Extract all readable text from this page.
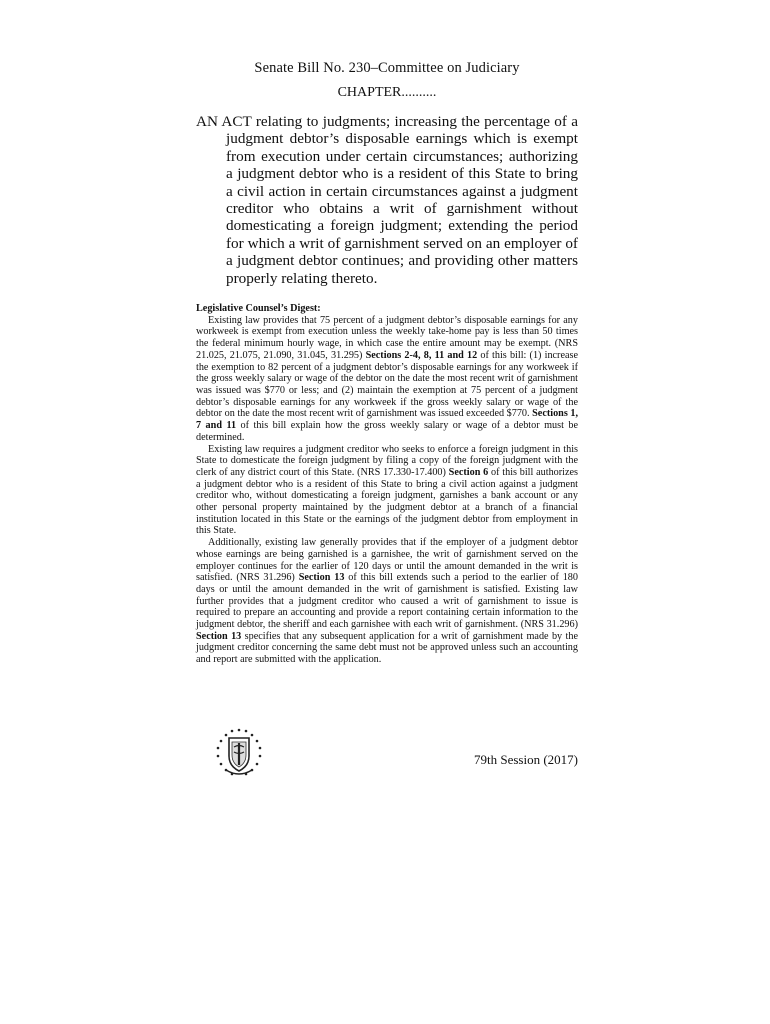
Senate Bill No. 230–Committee on Judiciary
CHAPTER..........

AN ACT relating to judgments; increasing the percentage of a judgment debtor’s disposable earnings which is exempt from execution under certain circumstances; authorizing a judgment debtor who is a resident of this State to bring a civil action in certain circumstances against a judgment creditor who obtains a writ of garnishment without domesticating a foreign judgment; extending the period for which a writ of garnishment served on an employer of a judgment debtor continues; and providing other matters properly relating thereto.

Legislative Counsel’s Digest:

Existing law provides that 75 percent of a judgment debtor’s disposable earnings for any workweek is exempt from execution unless the weekly take-home pay is less than 50 times the federal minimum hourly wage, in which case the entire amount may be exempt. (NRS 21.025, 21.075, 21.090, 31.045, 31.295) Sections 2-4, 8, 11 and 12 of this bill: (1) increase the exemption to 82 percent of a judgment debtor’s disposable earnings for any workweek if the gross weekly salary or wage of the debtor on the date the most recent writ of garnishment was issued was $770 or less; and (2) maintain the exemption at 75 percent of a judgment debtor’s disposable earnings for any workweek if the gross weekly salary or wage of the debtor on the date the most recent writ of garnishment was issued exceeded $770. Sections 1, 7 and 11 of this bill explain how the gross weekly salary or wage of a debtor must be determined.

Existing law requires a judgment creditor who seeks to enforce a foreign judgment in this State to domesticate the foreign judgment by filing a copy of the foreign judgment with the clerk of any district court of this State. (NRS 17.330-17.400) Section 6 of this bill authorizes a judgment debtor who is a resident of this State to bring a civil action against a judgment creditor who, without domesticating a foreign judgment, garnishes a bank account or any other personal property maintained by the judgment debtor at a branch of a financial institution located in this State or the earnings of the judgment debtor from employment in this State.

Additionally, existing law generally provides that if the employer of a judgment debtor whose earnings are being garnished is a garnishee, the writ of garnishment served on the employer continues for the earlier of 120 days or until the amount demanded in the writ is satisfied. (NRS 31.296) Section 13 of this bill extends such a period to the earlier of 180 days or until the amount demanded in the writ of garnishment is satisfied. Existing law further provides that a judgment creditor who caused a writ of garnishment to issue is required to prepare an accounting and provide a report containing certain information to the judgment debtor, the sheriff and each garnishee with each writ of garnishment. (NRS 31.296) Section 13 specifies that any subsequent application for a writ of garnishment made by the judgment creditor concerning the same debt must not be approved unless such an accounting and report are submitted with the application.

79th Session (2017)
